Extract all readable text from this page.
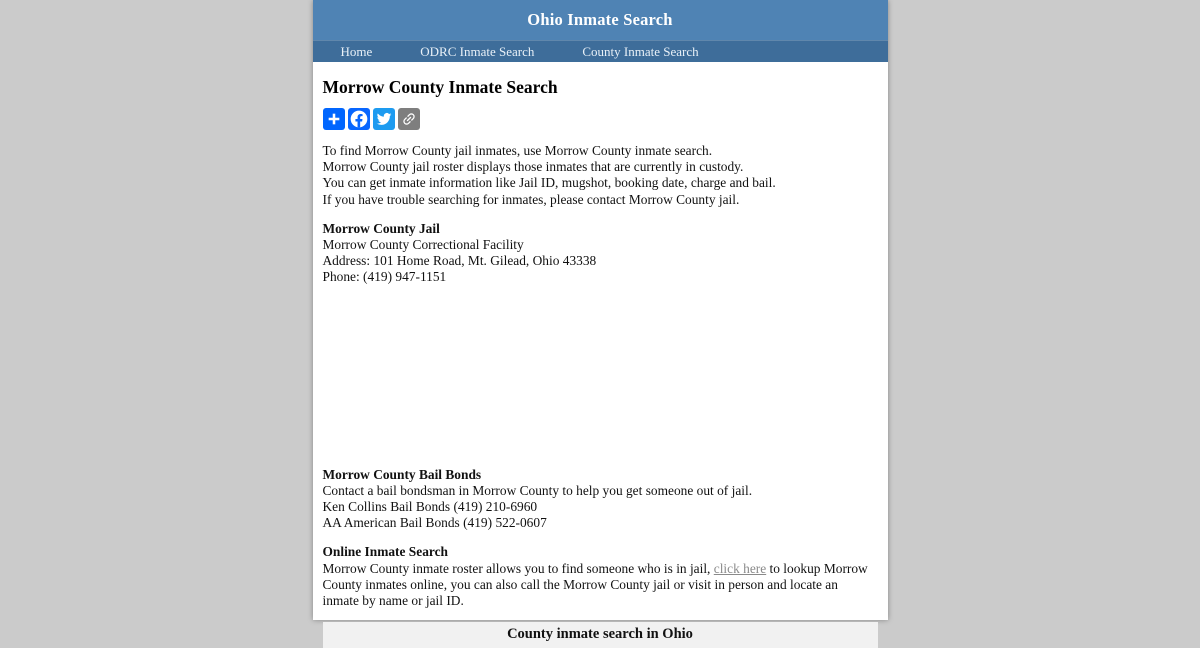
Ohio Inmate Search
Home	ODRC Inmate Search	County Inmate Search
Morrow County Inmate Search

To find Morrow County jail inmates, use Morrow County inmate search.
Morrow County jail roster displays those inmates that are currently in custody.
You can get inmate information like Jail ID, mugshot, booking date, charge and bail.
If you have trouble searching for inmates, please contact Morrow County jail.

Morrow County Jail
Morrow County Correctional Facility
Address: 101 Home Road, Mt. Gilead, Ohio 43338
Phone: (419) 947-1151

Morrow County Bail Bonds
Contact a bail bondsman in Morrow County to help you get someone out of jail.
Ken Collins Bail Bonds (419) 210-6960
AA American Bail Bonds (419) 522-0607

Online Inmate Search
Morrow County inmate roster allows you to find someone who is in jail, click here to lookup Morrow County inmates online, you can also call the Morrow County jail or visit in person and locate an inmate by name or jail ID.

County inmate search in Ohio
